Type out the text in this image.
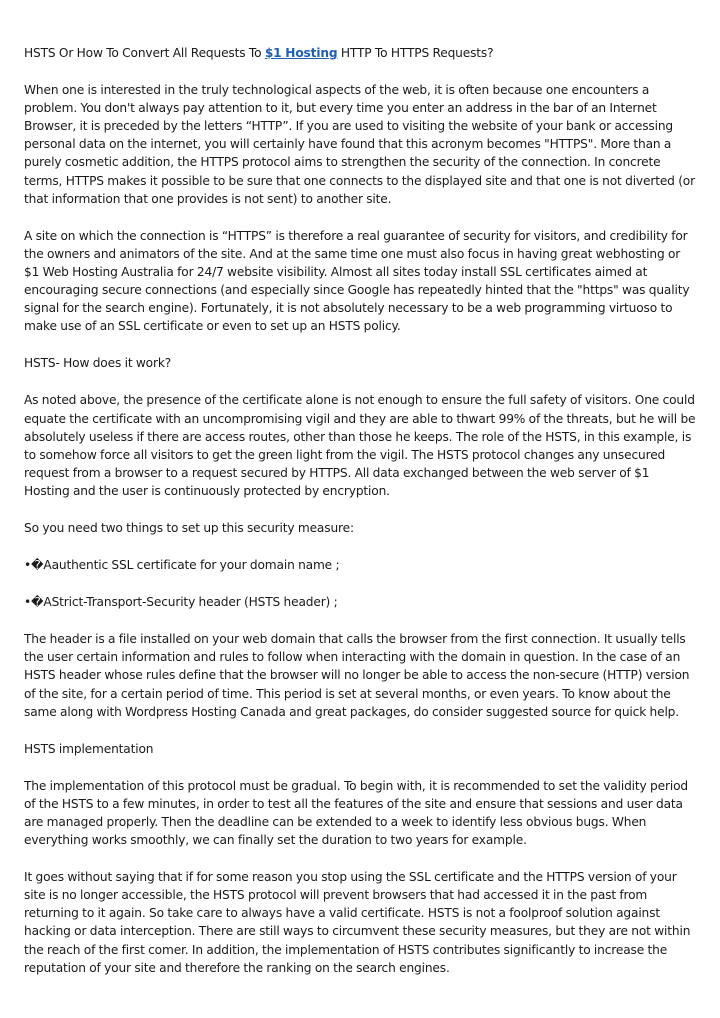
HSTS Or How To Convert All Requests To $1 Hosting HTTP To HTTPS Requests?

When one is interested in the truly technological aspects of the web, it is often because one encounters a problem. You don't always pay attention to it, but every time you enter an address in the bar of an Internet Browser, it is preceded by the letters “HTTP”. If you are used to visiting the website of your bank or accessing personal data on the internet, you will certainly have found that this acronym becomes "HTTPS". More than a purely cosmetic addition, the HTTPS protocol aims to strengthen the security of the connection. In concrete terms, HTTPS makes it possible to be sure that one connects to the displayed site and that one is not diverted (or that information that one provides is not sent) to another site.

A site on which the connection is “HTTPS” is therefore a real guarantee of security for visitors, and credibility for the owners and animators of the site. And at the same time one must also focus in having great webhosting or $1 Web Hosting Australia for 24/7 website visibility. Almost all sites today install SSL certificates aimed at encouraging secure connections (and especially since Google has repeatedly hinted that the "https" was quality signal for the search engine). Fortunately, it is not absolutely necessary to be a web programming virtuoso to make use of an SSL certificate or even to set up an HSTS policy.

HSTS- How does it work?

As noted above, the presence of the certificate alone is not enough to ensure the full safety of visitors. One could equate the certificate with an uncompromising vigil and they are able to thwart 99% of the threats, but he will be absolutely useless if there are access routes, other than those he keeps. The role of the HSTS, in this example, is to somehow force all visitors to get the green light from the vigil. The HSTS protocol changes any unsecured request from a browser to a request secured by HTTPS. All data exchanged between the web server of $1 Hosting and the user is continuously protected by encryption.

So you need two things to set up this security measure:

•�Aauthentic SSL certificate for your domain name ;

•�AStrict-Transport-Security header (HSTS header) ;

The header is a file installed on your web domain that calls the browser from the first connection. It usually tells the user certain information and rules to follow when interacting with the domain in question. In the case of an HSTS header whose rules define that the browser will no longer be able to access the non-secure (HTTP) version of the site, for a certain period of time. This period is set at several months, or even years. To know about the same along with Wordpress Hosting Canada and great packages, do consider suggested source for quick help.

HSTS implementation

The implementation of this protocol must be gradual. To begin with, it is recommended to set the validity period of the HSTS to a few minutes, in order to test all the features of the site and ensure that sessions and user data are managed properly. Then the deadline can be extended to a week to identify less obvious bugs. When everything works smoothly, we can finally set the duration to two years for example.

It goes without saying that if for some reason you stop using the SSL certificate and the HTTPS version of your site is no longer accessible, the HSTS protocol will prevent browsers that had accessed it in the past from returning to it again. So take care to always have a valid certificate. HSTS is not a foolproof solution against hacking or data interception. There are still ways to circumvent these security measures, but they are not within the reach of the first comer. In addition, the implementation of HSTS contributes significantly to increase the reputation of your site and therefore the ranking on the search engines.
